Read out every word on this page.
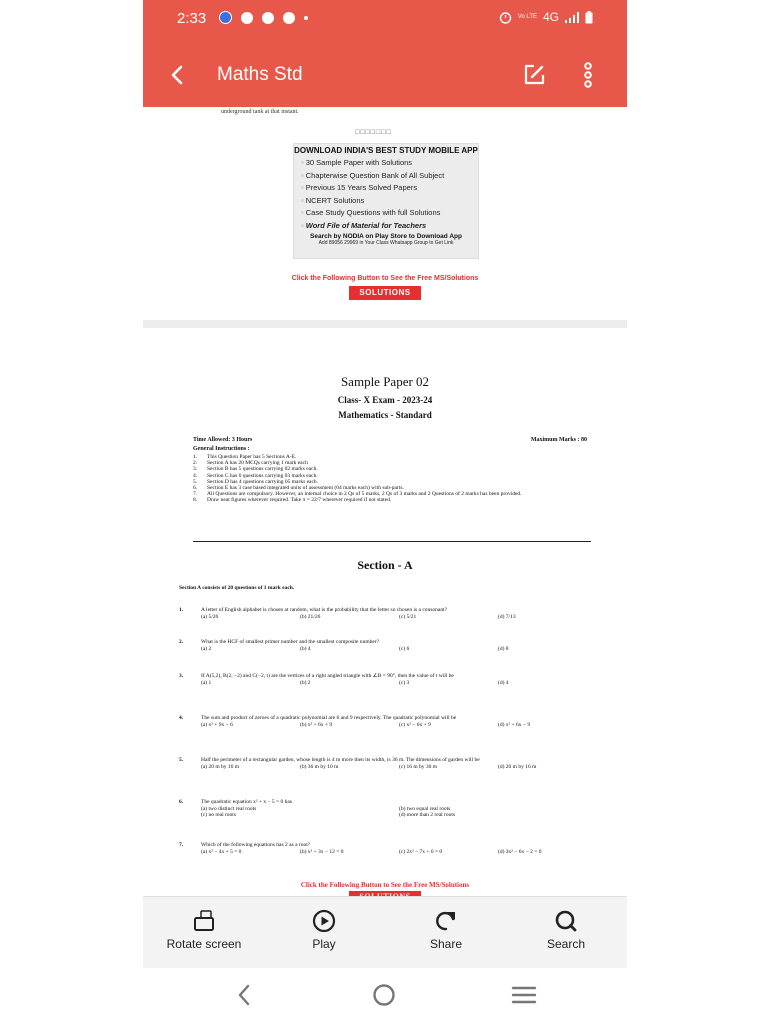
2:33	Vo LTE 4G
Maths Std
underground tank at that instant.
□□□□□□□
DOWNLOAD INDIA'S BEST STUDY MOBILE APP
▫ 30 Sample Paper with Solutions
▫ Chapterwise Question Bank of All Subject
▫ Previous 15 Years Solved Papers
▫ NCERT Solutions
▫ Case Study Questions with full Solutions
▫ Word File of Material for Teachers
Search by NODIA on Play Store to Download App
Add 89056 29969 in Your Class Whatsapp Group to Get Link
Click the Following Button to See the Free MS/Solutions
SOLUTIONS
Sample Paper 02
Class- X Exam - 2023-24
Mathematics - Standard
Time Allowed: 3 Hours	Maximum Marks : 80
General Instructions :
1.	This Question Paper has 5 Sections A-E.
2.	Section A has 20 MCQs carrying 1 mark each
3.	Section B has 5 questions carrying 02 marks each.
4.	Section C has 6 questions carrying 03 marks each.
5.	Section D has 4 questions carrying 05 marks each.
6.	Section E has 3 case based integrated units of assessment (04 marks each) with sub-parts.
7.	All Questions are compulsory. However, an internal choice in 2 Qs of 5 marks, 2 Qs of 3 marks and 2 Questions of 2 marks has been provided.
8.	Draw neat figures wherever required. Take π = 22/7 wherever required if not stated.
Section - A
Section A consists of 20 questions of 1 mark each.
1.	A letter of English alphabet is chosen at random, what is the probability that the letter so chosen is a consonant?
(a) 5/26	(b) 21/26	(c) 5/21	(d) 7/13
2.	What is the HCF of smallest primer number and the smallest composite number?
(a) 2	(b) 4	(c) 6	(d) 8
3.	If A(5,2), B(2, −2) and C(−2, t) are the vertices of a right angled triangle with ∠B = 90°, then the value of t will be
(a) 1	(b) 2	(c) 3	(d) 4
4.	The sum and product of zeroes of a quadratic polynomial are 6 and 9 respectively. The quadratic polynomial will be
(a) x² + 9x − 6	(b) x² + 6x + 9	(c) x² − 6x + 9	(d) x² + 6x − 9
5.	Half the perimeter of a rectangular garden, whose length is 4 m more then its width, is 36 m. The dimensions of garden will be
(a) 20 m by 16 m	(b) 36 m by 10 m	(c) 16 m by 30 m	(d) 20 m by 16 m
6.	The quadratic equation x² + x − 5 = 0 has
(a) two distinct real roots	(b) two equal real roots
(c) no real roots	(d) more than 2 real roots
7.	Which of the following equations has 2 as a root?
(a) x² − 4x + 5 = 0	(b) x² + 3x − 12 = 0	(c) 2x² − 7x + 6 = 0	(d) 3x² − 6x − 2 = 0
Click the Following Button to See the Free MS/Solutions
Rotate screen	Play	Share	Search
